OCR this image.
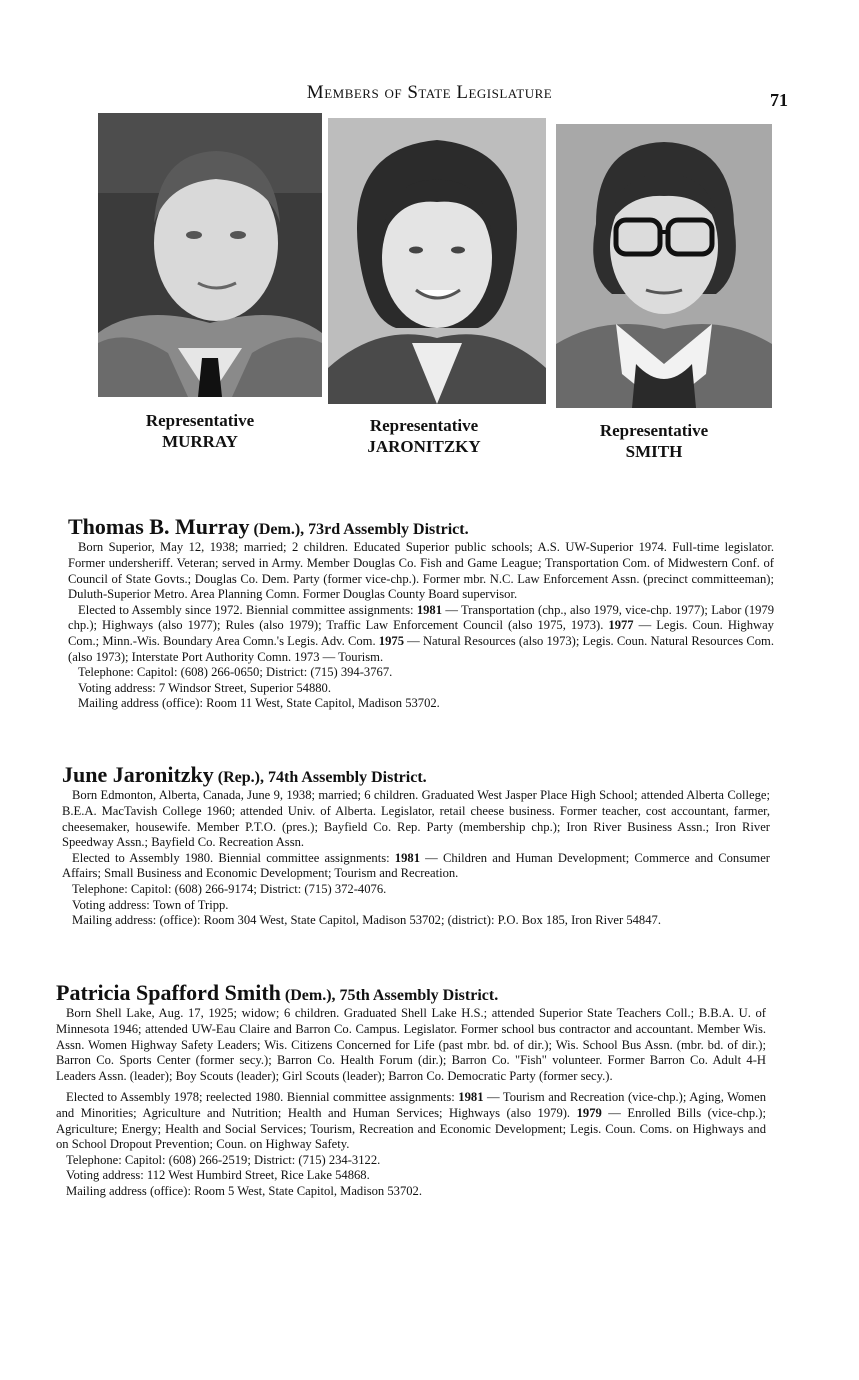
Members of State Legislature	71
Representative
MURRAY
Representative
JARONITZKY
Representative
SMITH
Thomas B. Murray (Dem.), 73rd Assembly District.

Born Superior, May 12, 1938; married; 2 children. Educated Superior public schools; A.S. UW-Superior 1974. Full-time legislator. Former undersheriff. Veteran; served in Army. Member Douglas Co. Fish and Game League; Transportation Com. of Midwestern Conf. of Council of State Govts.; Douglas Co. Dem. Party (former vice-chp.). Former mbr. N.C. Law Enforcement Assn. (precinct committeeman); Duluth-Superior Metro. Area Planning Comn. Former Douglas County Board supervisor.

Elected to Assembly since 1972. Biennial committee assignments: 1981 — Transportation (chp., also 1979, vice-chp. 1977); Labor (1979 chp.); Highways (also 1977); Rules (also 1979); Traffic Law Enforcement Council (also 1975, 1973). 1977 — Legis. Coun. Highway Com.; Minn.-Wis. Boundary Area Comn.'s Legis. Adv. Com. 1975 — Natural Resources (also 1973); Legis. Coun. Natural Resources Com. (also 1973); Interstate Port Authority Comn. 1973 — Tourism.

Telephone: Capitol: (608) 266-0650; District: (715) 394-3767.

Voting address: 7 Windsor Street, Superior 54880.

Mailing address (office): Room 11 West, State Capitol, Madison 53702.

June Jaronitzky (Rep.), 74th Assembly District.

Born Edmonton, Alberta, Canada, June 9, 1938; married; 6 children. Graduated West Jasper Place High School; attended Alberta College; B.E.A. MacTavish College 1960; attended Univ. of Alberta. Legislator, retail cheese business. Former teacher, cost accountant, farmer, cheesemaker, housewife. Member P.T.O. (pres.); Bayfield Co. Rep. Party (membership chp.); Iron River Business Assn.; Iron River Speedway Assn.; Bayfield Co. Recreation Assn.

Elected to Assembly 1980. Biennial committee assignments: 1981 — Children and Human Development; Commerce and Consumer Affairs; Small Business and Economic Development; Tourism and Recreation.

Telephone: Capitol: (608) 266-9174; District: (715) 372-4076.

Voting address: Town of Tripp.

Mailing address: (office): Room 304 West, State Capitol, Madison 53702; (district): P.O. Box 185, Iron River 54847.

Patricia Spafford Smith (Dem.), 75th Assembly District.

Born Shell Lake, Aug. 17, 1925; widow; 6 children. Graduated Shell Lake H.S.; attended Superior State Teachers Coll.; B.B.A. U. of Minnesota 1946; attended UW-Eau Claire and Barron Co. Campus. Legislator. Former school bus contractor and accountant. Member Wis. Assn. Women Highway Safety Leaders; Wis. Citizens Concerned for Life (past mbr. bd. of dir.); Wis. School Bus Assn. (mbr. bd. of dir.); Barron Co. Sports Center (former secy.); Barron Co. Health Forum (dir.); Barron Co. "Fish" volunteer. Former Barron Co. Adult 4-H Leaders Assn. (leader); Boy Scouts (leader); Girl Scouts (leader); Barron Co. Democratic Party (former secy.).

Elected to Assembly 1978; reelected 1980. Biennial committee assignments: 1981 — Tourism and Recreation (vice-chp.); Aging, Women and Minorities; Agriculture and Nutrition; Health and Human Services; Highways (also 1979). 1979 — Enrolled Bills (vice-chp.); Agriculture; Energy; Health and Social Services; Tourism, Recreation and Economic Development; Legis. Coun. Coms. on Highways and on School Dropout Prevention; Coun. on Highway Safety.

Telephone: Capitol: (608) 266-2519; District: (715) 234-3122.

Voting address: 112 West Humbird Street, Rice Lake 54868.

Mailing address (office): Room 5 West, State Capitol, Madison 53702.
